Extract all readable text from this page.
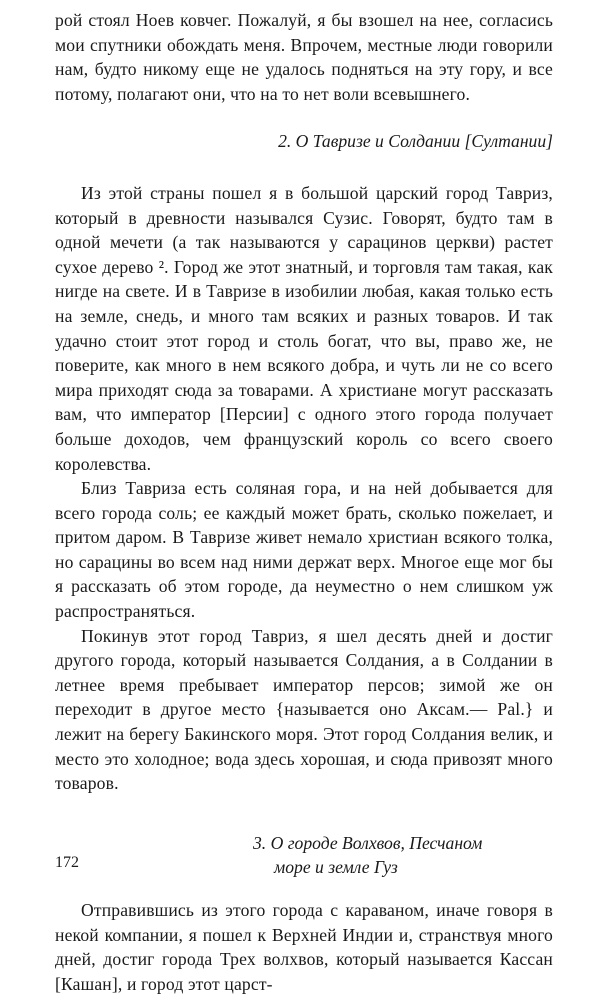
рой стоял Ноев ковчег. Пожалуй, я бы взошел на нее, согласись мои спутники обождать меня. Впрочем, местные люди говорили нам, будто никому еще не удалось подняться на эту гору, и все потому, полагают они, что на то нет воли всевышнего.

2. О Тавризе и Солдании [Султании]

Из этой страны пошел я в большой царский город Тавриз, который в древности назывался Сузис. Говорят, будто там в одной мечети (а так называются у сарацинов церкви) растет сухое дерево ². Город же этот знатный, и торговля там такая, как нигде на свете. И в Тавризе в изобилии любая, какая только есть на земле, снедь, и много там всяких и разных товаров. И так удачно стоит этот город и столь богат, что вы, право же, не поверите, как много в нем всякого добра, и чуть ли не со всего мира приходят сюда за товарами. А христиане могут рассказать вам, что император [Персии] с одного этого города получает больше доходов, чем французский король со всего своего королевства.

Близ Тавриза есть соляная гора, и на ней добывается для всего города соль; ее каждый может брать, сколько пожелает, и притом даром. В Тавризе живет немало христиан всякого толка, но сарацины во всем над ними держат верх. Многое еще мог бы я рассказать об этом городе, да неуместно о нем слишком уж распространяться.

Покинув этот город Тавриз, я шел десять дней и достиг другого города, который называется Солдания, а в Солдании в летнее время пребывает император персов; зимой же он переходит в другое место {называется оно Аксам.— Pal.} и лежит на берегу Бакинского моря. Этот город Солдания велик, и место это холодное; вода здесь хорошая, и сюда привозят много товаров.

3. О городе Волхвов, Песчаном
море и земле Гуз

Отправившись из этого города с караваном, иначе говоря в некой компании, я пошел к Верхней Индии и, странствуя много дней, достиг города Трех волхвов, который называется Кассан [Кашан], и город этот царст-

172
